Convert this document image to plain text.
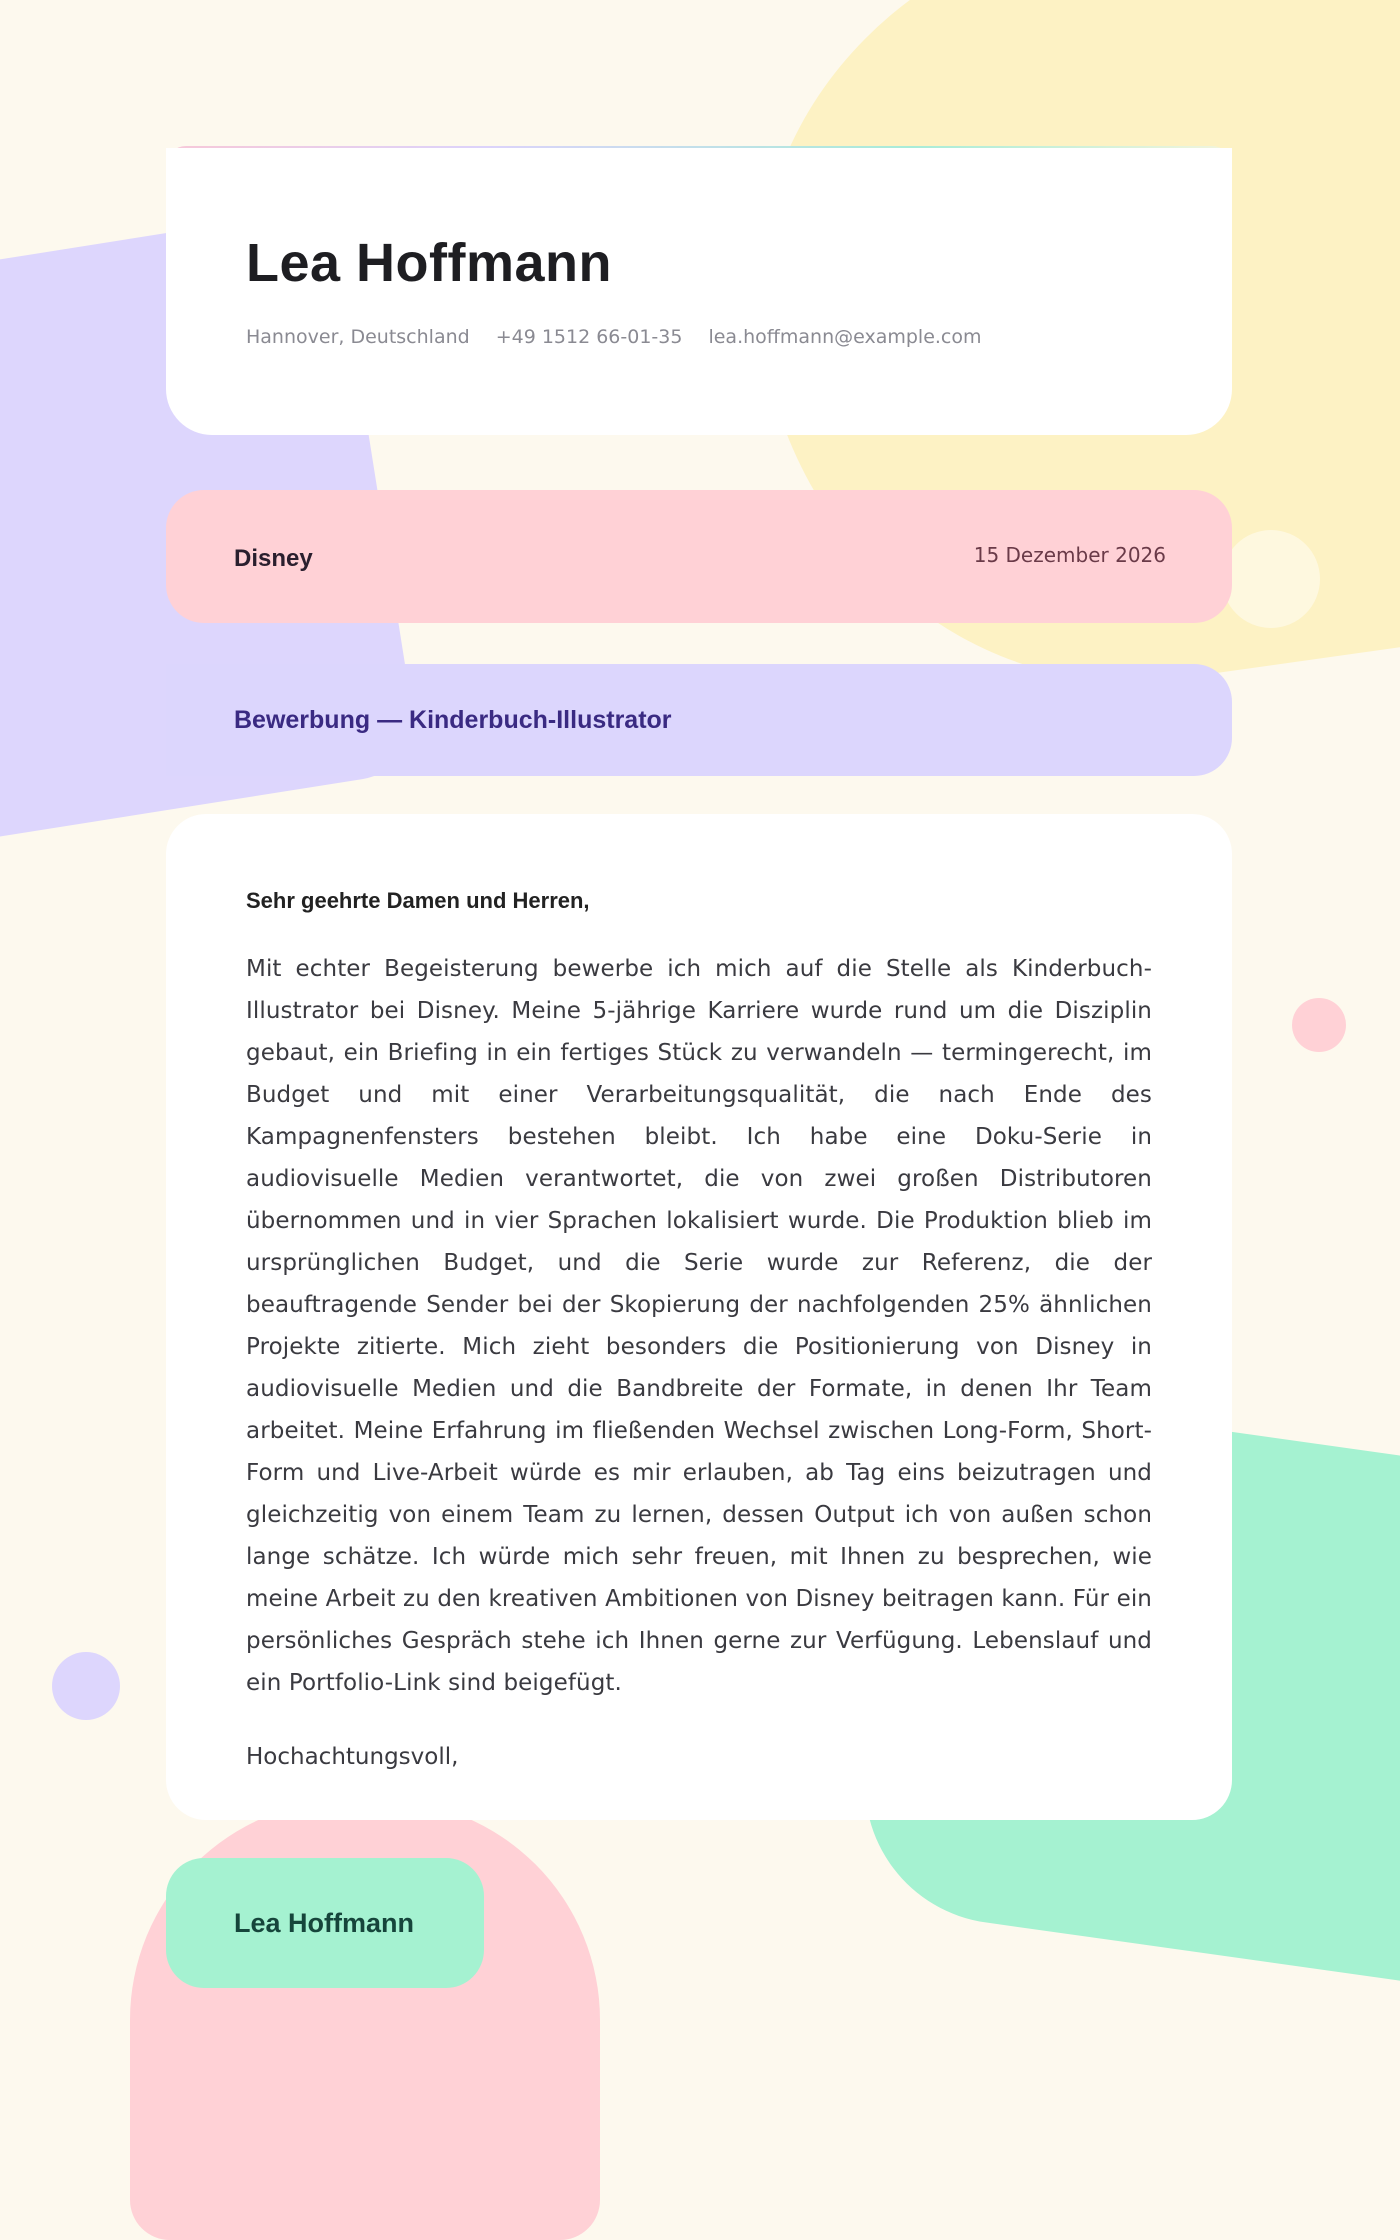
Lea Hoffmann
Hannover, Deutschland +49 1512 66-01-35 lea.hoffmann@example.com
Disney	15 Dezember 2026
Bewerbung — Kinderbuch-Illustrator

Sehr geehrte Damen und Herren,

Mit echter Begeisterung bewerbe ich mich auf die Stelle als Kinderbuch-Illustrator bei Disney. Meine 5-jährige Karriere wurde rund um die Disziplin gebaut, ein Briefing in ein fertiges Stück zu verwandeln — termingerecht, im Budget und mit einer Verarbeitungsqualität, die nach Ende des Kampagnenfensters bestehen bleibt. Ich habe eine Doku-Serie in audiovisuelle Medien verantwortet, die von zwei großen Distributoren übernommen und in vier Sprachen lokalisiert wurde. Die Produktion blieb im ursprünglichen Budget, und die Serie wurde zur Referenz, die der beauftragende Sender bei der Skopierung der nachfolgenden 25% ähnlichen Projekte zitierte. Mich zieht besonders die Positionierung von Disney in audiovisuelle Medien und die Bandbreite der Formate, in denen Ihr Team arbeitet. Meine Erfahrung im fließenden Wechsel zwischen Long-Form, Short-Form und Live-Arbeit würde es mir erlauben, ab Tag eins beizutragen und gleichzeitig von einem Team zu lernen, dessen Output ich von außen schon lange schätze. Ich würde mich sehr freuen, mit Ihnen zu besprechen, wie meine Arbeit zu den kreativen Ambitionen von Disney beitragen kann. Für ein persönliches Gespräch stehe ich Ihnen gerne zur Verfügung. Lebenslauf und ein Portfolio-Link sind beigefügt.

Hochachtungsvoll,

Lea Hoffmann
